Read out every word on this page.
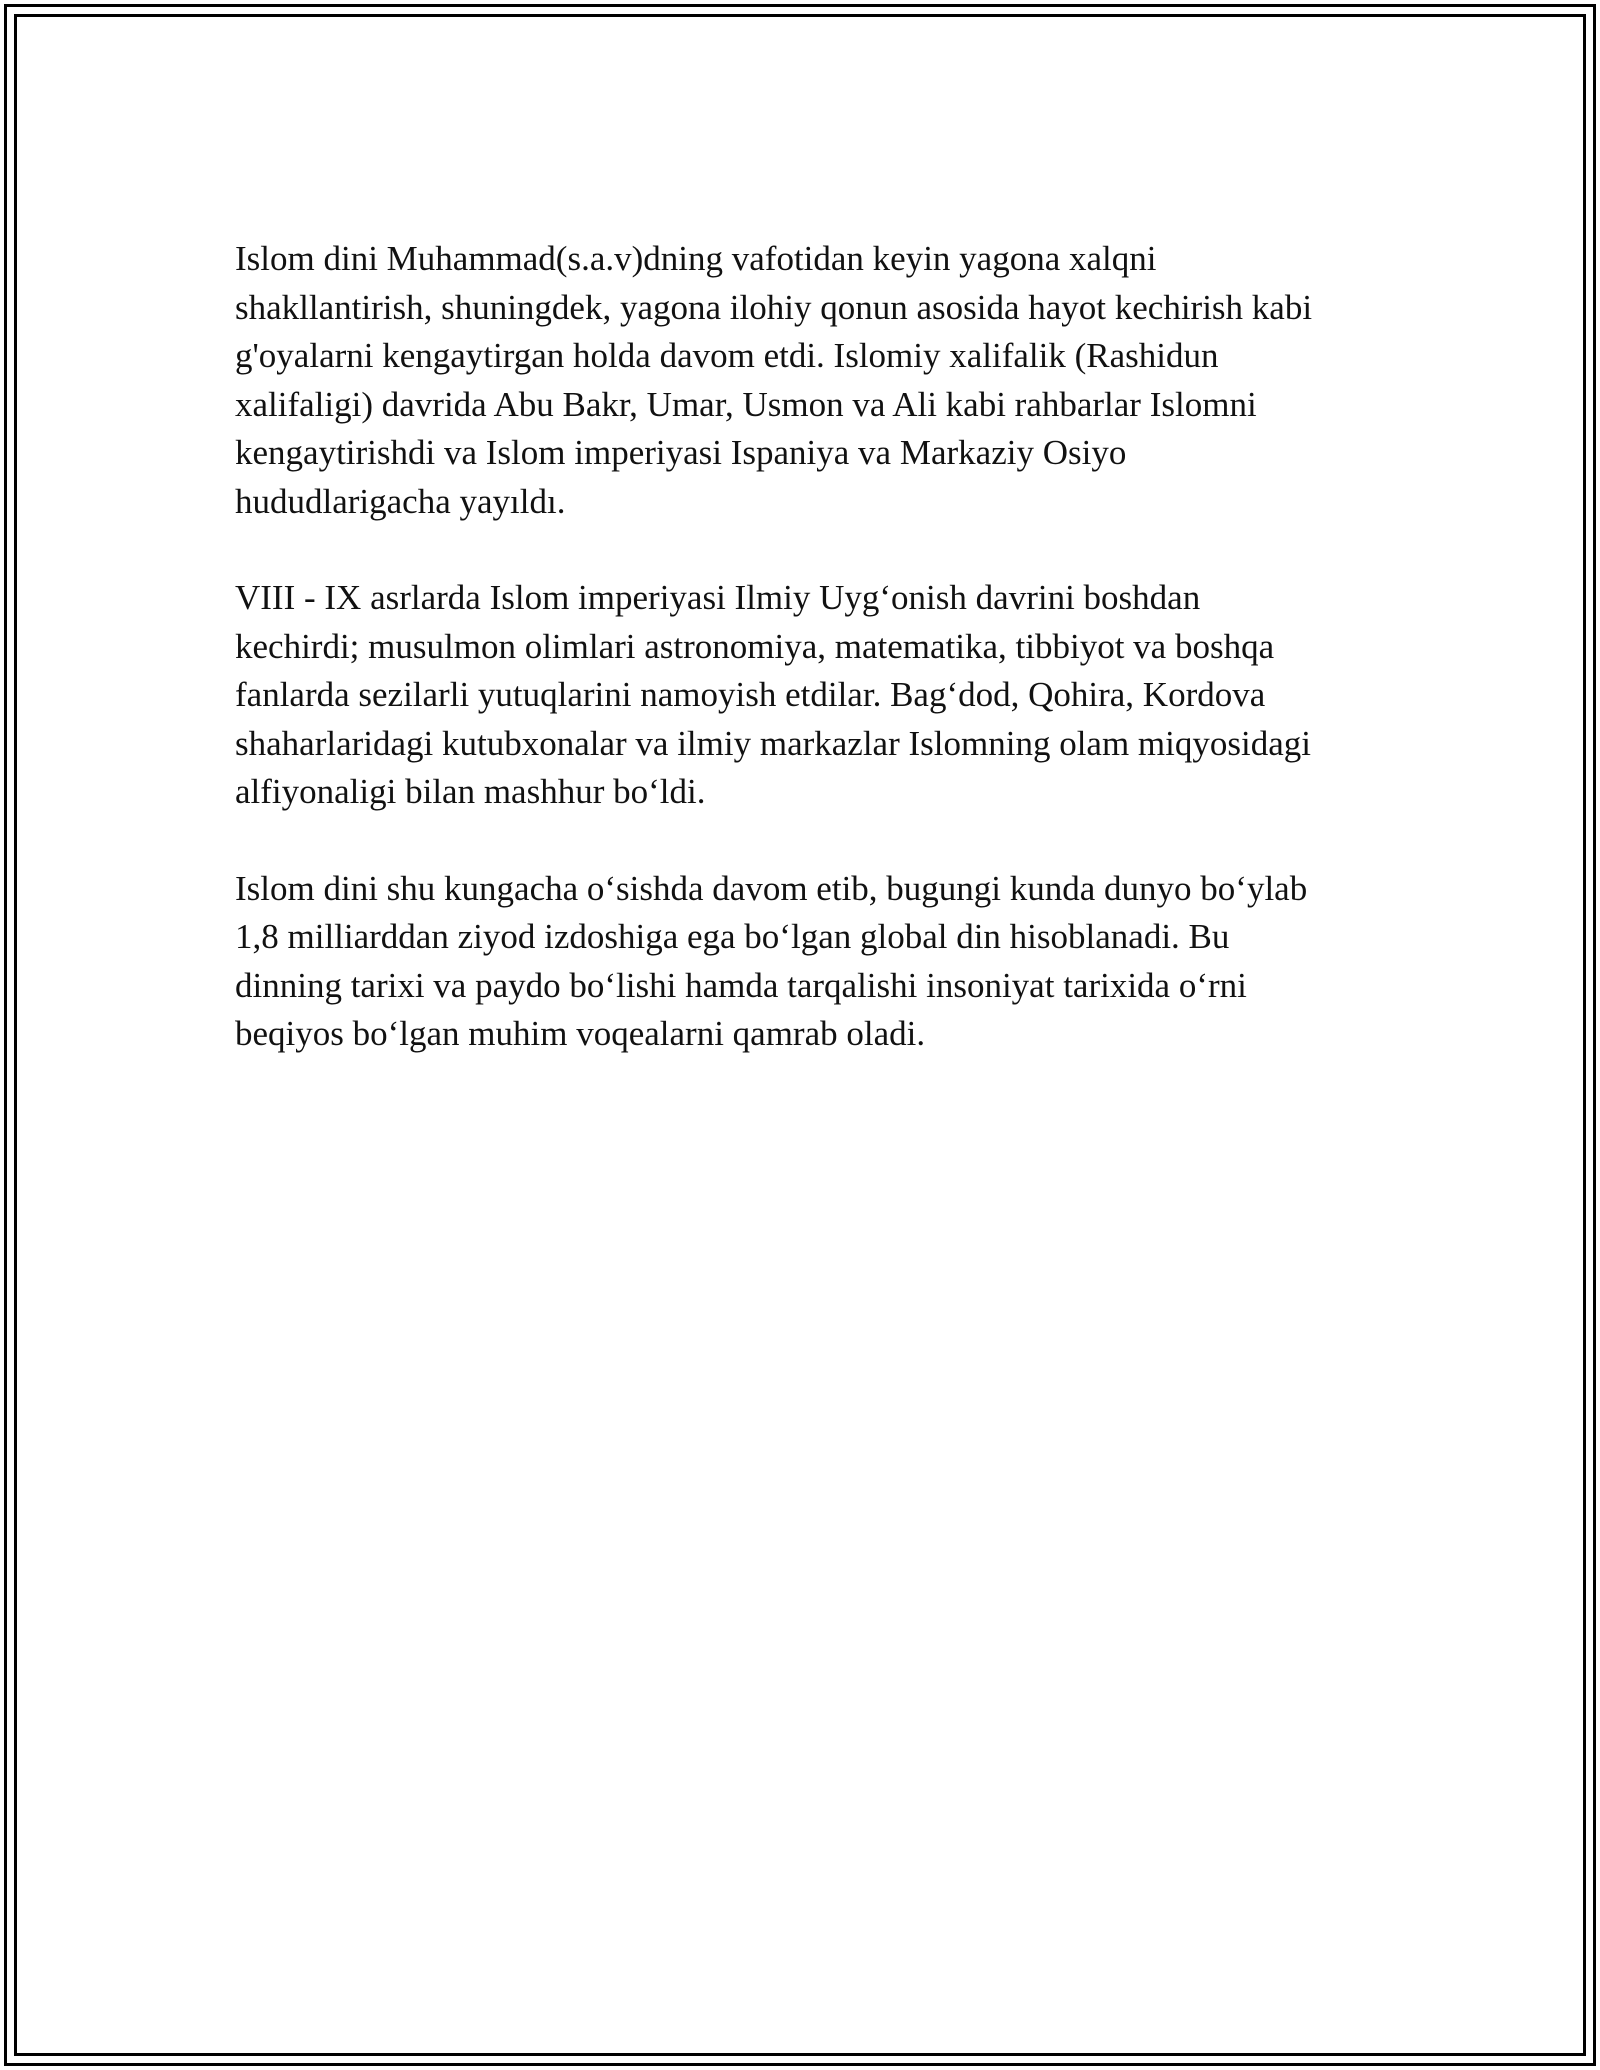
Islom dini Muhammad(s.a.v)dning vafotidan keyin yagona xalqni
shakllantirish, shuningdek, yagona ilohiy qonun asosida hayot kechirish kabi
g'oyalarni kengaytirgan holda davom etdi. Islomiy xalifalik (Rashidun
xalifaligi) davrida Abu Bakr, Umar, Usmon va Ali kabi rahbarlar Islomni
kengaytirishdi va Islom imperiyasi Ispaniya va Markaziy Osiyo
hududlarigacha yayıldı.

VIII - IX asrlarda Islom imperiyasi Ilmiy Uyg‘onish davrini boshdan
kechirdi; musulmon olimlari astronomiya, matematika, tibbiyot va boshqa
fanlarda sezilarli yutuqlarini namoyish etdilar. Bag‘dod, Qohira, Kordova
shaharlaridagi kutubxonalar va ilmiy markazlar Islomning olam miqyosidagi
alfiyonaligi bilan mashhur bo‘ldi.

Islom dini shu kungacha o‘sishda davom etib, bugungi kunda dunyo bo‘ylab
1,8 milliarddan ziyod izdoshiga ega bo‘lgan global din hisoblanadi. Bu
dinning tarixi va paydo bo‘lishi hamda tarqalishi insoniyat tarixida o‘rni
beqiyos bo‘lgan muhim voqealarni qamrab oladi.
